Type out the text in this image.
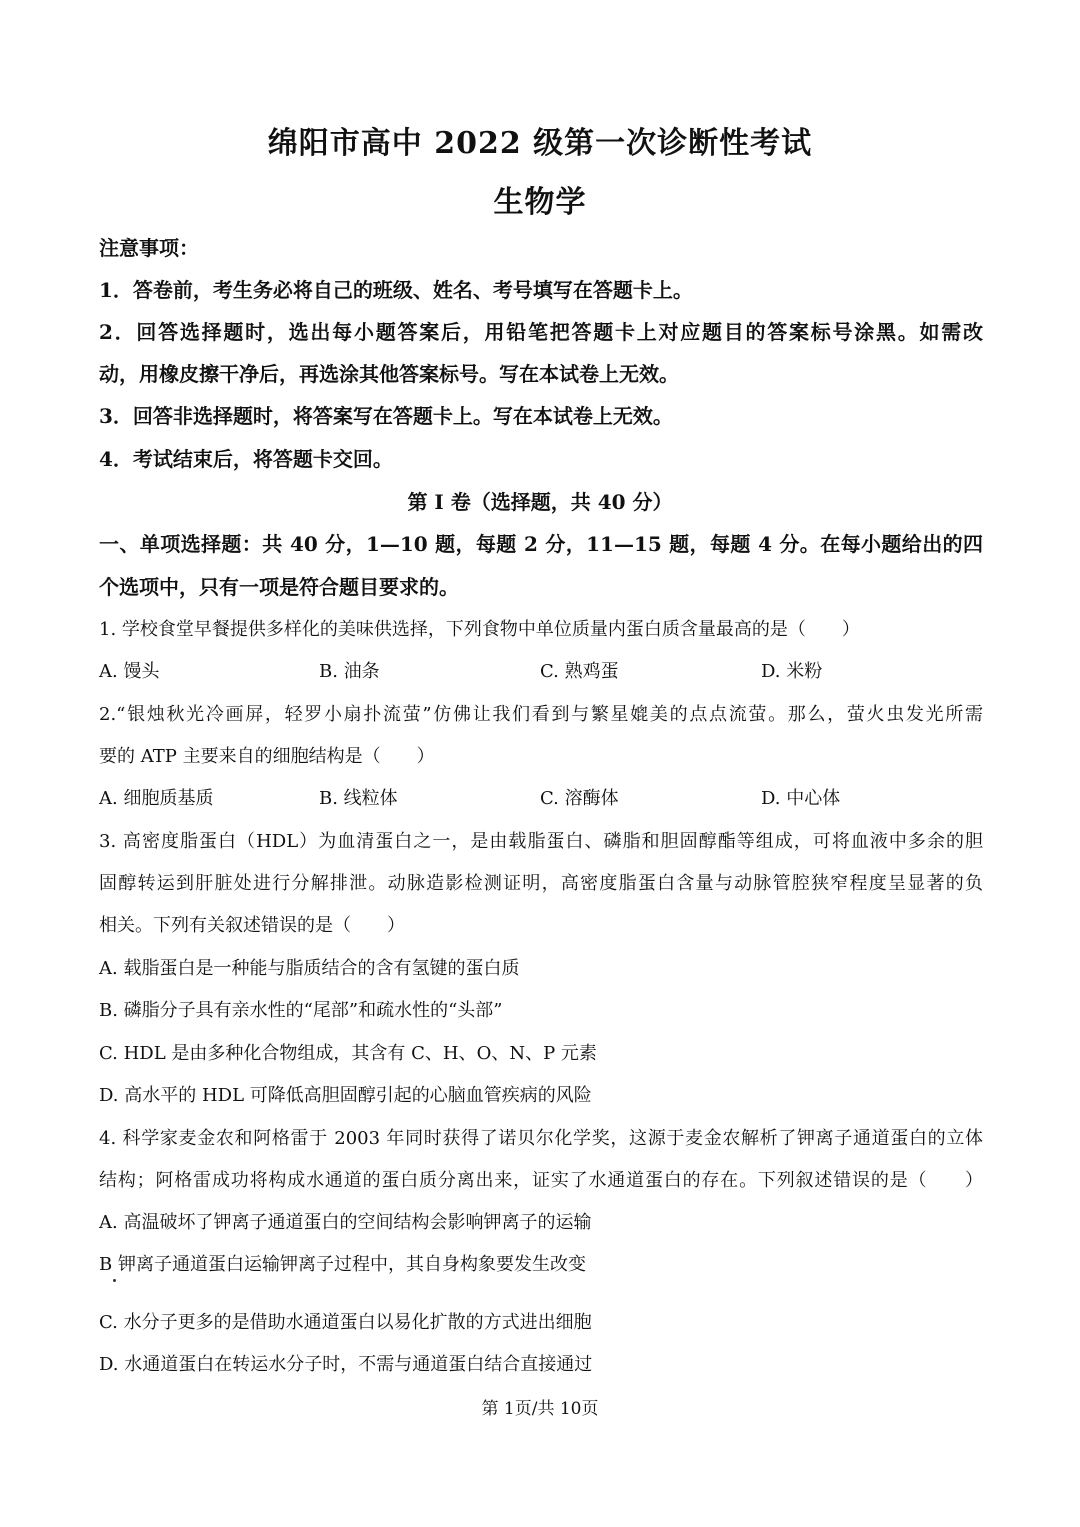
绵阳市高中 2022 级第一次诊断性考试
生物学
注意事项：
1．答卷前，考生务必将自己的班级、姓名、考号填写在答题卡上。
2．回答选择题时，选出每小题答案后，用铅笔把答题卡上对应题目的答案标号涂黑。如需改
动，用橡皮擦干净后，再选涂其他答案标号。写在本试卷上无效。
3．回答非选择题时，将答案写在答题卡上。写在本试卷上无效。
4．考试结束后，将答题卡交回。
第 I 卷（选择题，共 40 分）
一、单项选择题：共 40 分，1—10 题，每题 2 分，11—15 题，每题 4 分。在每小题给出的四
个选项中，只有一项是符合题目要求的。
1. 学校食堂早餐提供多样化的美味供选择，下列食物中单位质量内蛋白质含量最高的是（　　）
A. 馒头	B. 油条	C. 熟鸡蛋	D. 米粉
2.“银烛秋光冷画屏，轻罗小扇扑流萤”仿佛让我们看到与繁星媲美的点点流萤。那么，萤火虫发光所需
要的 ATP 主要来自的细胞结构是（　　）
A. 细胞质基质	B. 线粒体	C. 溶酶体	D. 中心体
3. 高密度脂蛋白（HDL）为血清蛋白之一，是由载脂蛋白、磷脂和胆固醇酯等组成，可将血液中多余的胆
固醇转运到肝脏处进行分解排泄。动脉造影检测证明，高密度脂蛋白含量与动脉管腔狭窄程度呈显著的负
相关。下列有关叙述错误的是（　　）
A. 载脂蛋白是一种能与脂质结合的含有氢键的蛋白质
B. 磷脂分子具有亲水性的“尾部”和疏水性的“头部”
C. HDL 是由多种化合物组成，其含有 C、H、O、N、P 元素
D. 高水平的 HDL 可降低高胆固醇引起的心脑血管疾病的风险
4. 科学家麦金农和阿格雷于 2003 年同时获得了诺贝尔化学奖，这源于麦金农解析了钾离子通道蛋白的立体
结构；阿格雷成功将构成水通道的蛋白质分离出来，证实了水通道蛋白的存在。下列叙述错误的是（　　）
A. 高温破坏了钾离子通道蛋白的空间结构会影响钾离子的运输
B 钾离子通道蛋白运输钾离子过程中，其自身构象要发生改变
C. 水分子更多的是借助水通道蛋白以易化扩散的方式进出细胞
D. 水通道蛋白在转运水分子时，不需与通道蛋白结合直接通过
第 1页/共 10页
